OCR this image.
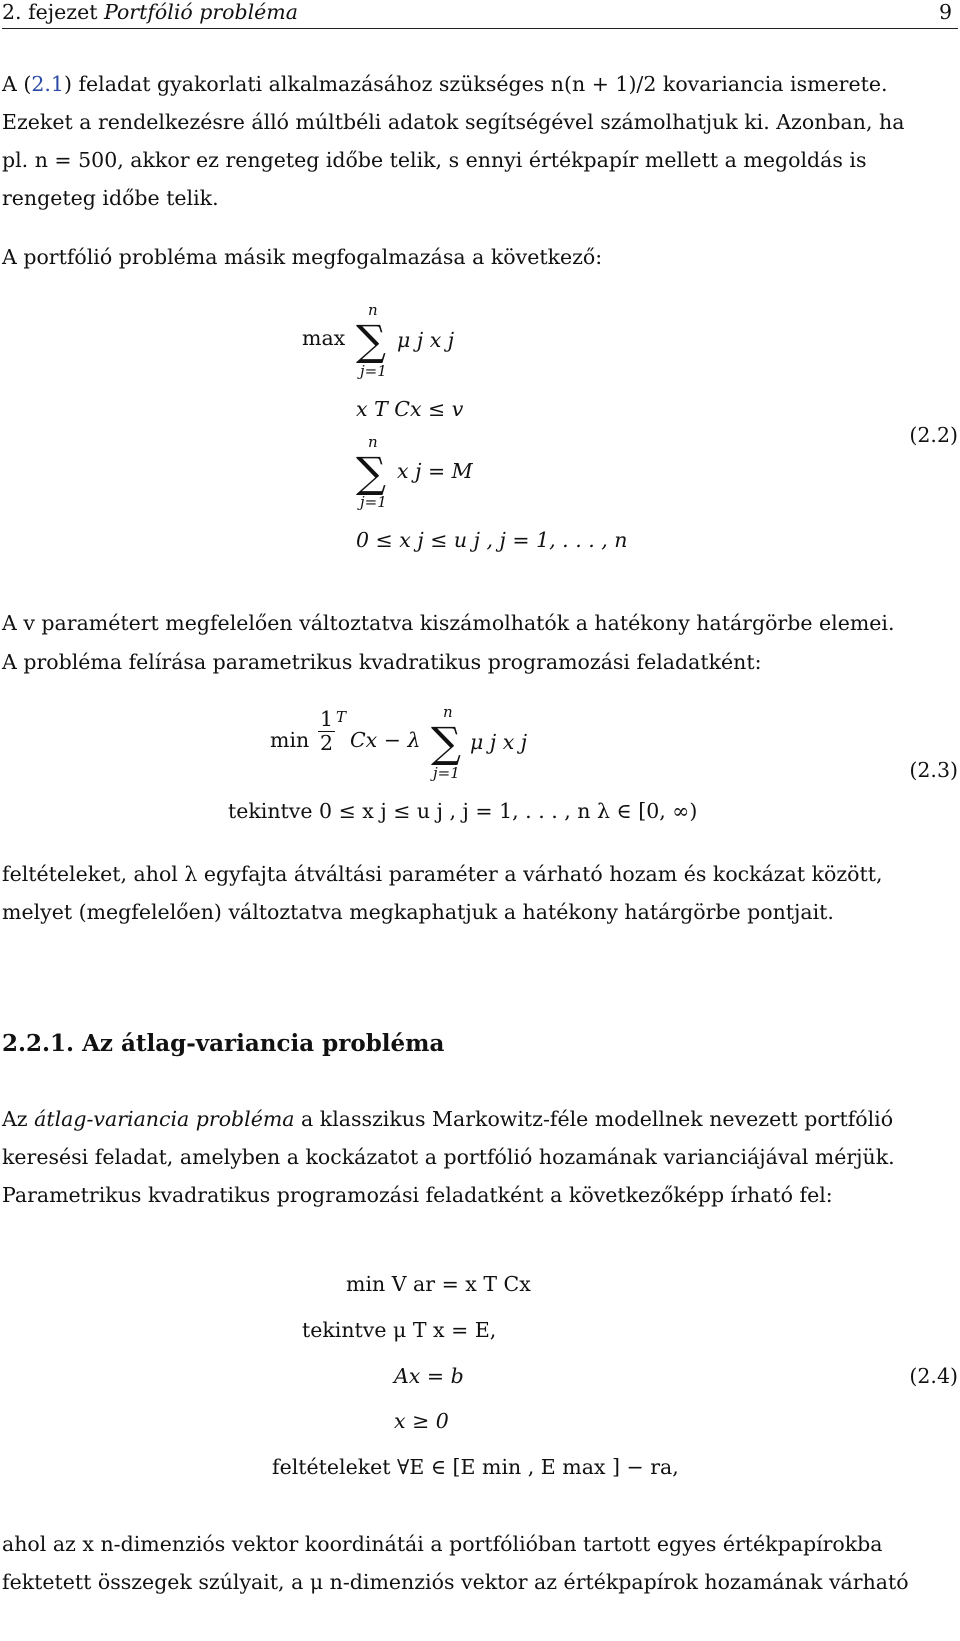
2. fejezet Portfólió probléma	9
A (2.1) feladat gyakorlati alkalmazásához szükséges n(n + 1)/2 kovariancia ismerete.
Ezeket a rendelkezésre álló múltbéli adatok segítségével számolhatjuk ki. Azonban, ha
pl. n = 500, akkor ez rengeteg időbe telik, s ennyi értékpapír mellett a megoldás is
rengeteg időbe telik.
A portfólió probléma másik megfogalmazása a következő:
max
n
∑
j=1
μ j x j
x T Cx ≤ v
n
∑
j=1
x j = M
0 ≤ x j ≤ u j , j = 1, . . . , n
(2.2)
A v paramétert megfelelően változtatva kiszámolhatók a hatékony határgörbe elemei.
A probléma felírása parametrikus kvadratikus programozási feladatként:
$\min \frac{1}{2}$ T
Cx − λ
n
∑
j=1
μ j x j
tekintve 0 ≤ x j ≤ u j , j = 1, . . . , n λ ∈ [0, ∞)
(2.3)
feltételeket, ahol λ egyfajta átváltási paraméter a várható hozam és kockázat között,
melyet (megfelelően) változtatva megkaphatjuk a hatékony határgörbe pontjait.
2.2.1. Az átlag-variancia probléma
Az átlag-variancia probléma a klasszikus Markowitz-féle modellnek nevezett portfólió
keresési feladat, amelyben a kockázatot a portfólió hozamának varianciájával mérjük.
Parametrikus kvadratikus programozási feladatként a következőképp írható fel:
min V ar = x T Cx
tekintve μ T x = E,
Ax = b
x ≥ 0
feltételeket ∀E ∈ [E min , E max ] − ra,
(2.4)
ahol az x n-dimenziós vektor koordinátái a portfólióban tartott egyes értékpapírokba
fektetett összegek szúlyait, a μ n-dimenziós vektor az értékpapírok hozamának várható
